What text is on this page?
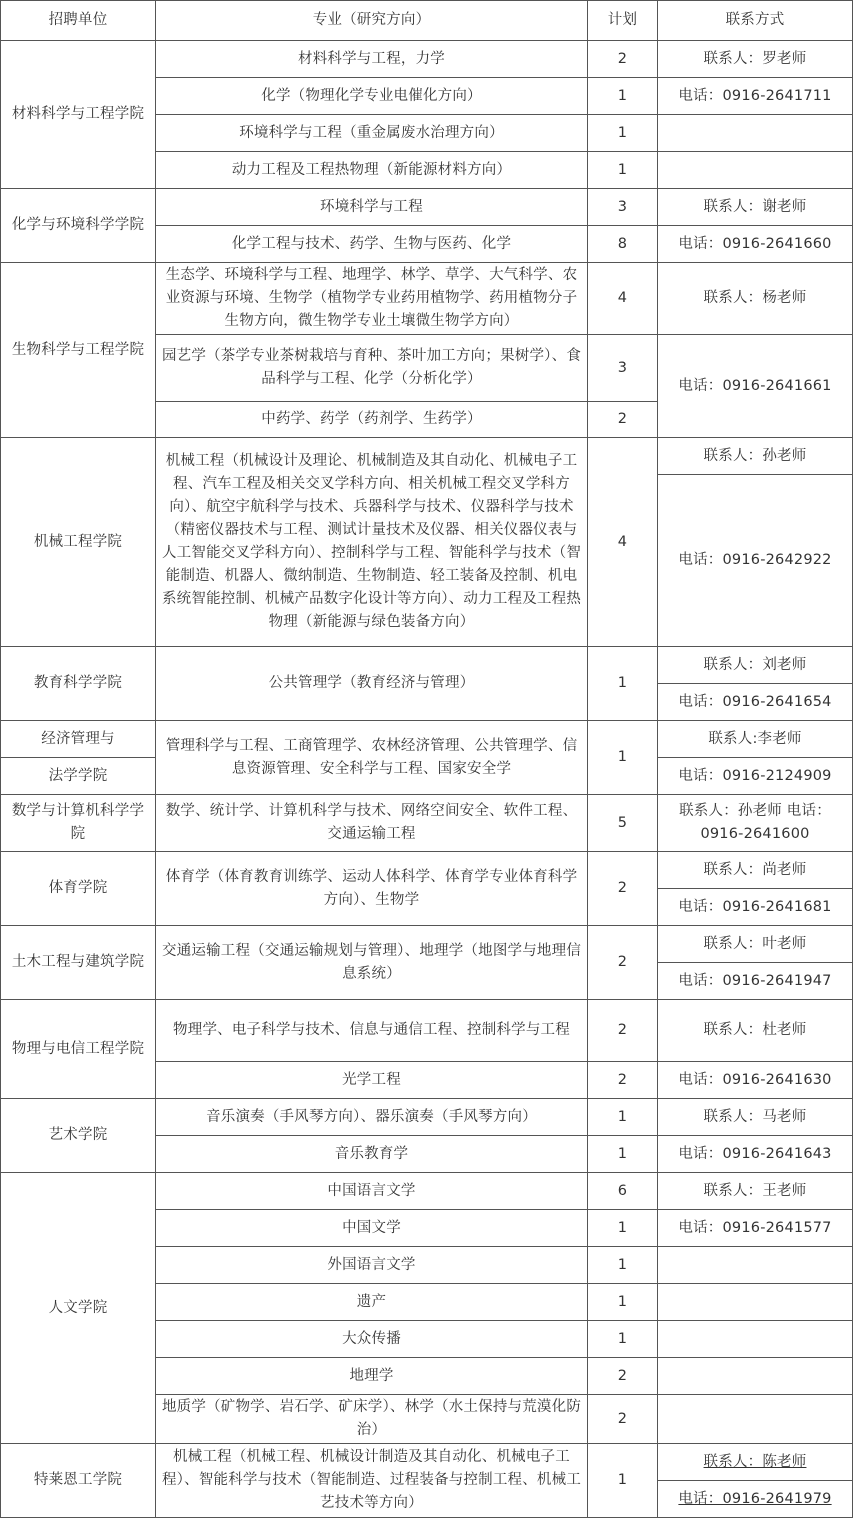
招聘单位	专业（研究方向）	计划	联系方式
材料科学与工程学院	材料科学与工程，力学	2	联系人：罗老师
	化学（物理化学专业电催化方向）	1	电话：0916-2641711
	环境科学与工程（重金属废水治理方向）	1	
	动力工程及工程热物理（新能源材料方向）	1	
化学与环境科学学院	环境科学与工程	3	联系人：谢老师
	化学工程与技术、药学、生物与医药、化学	8	电话：0916-2641660
生物科学与工程学院	生态学、环境科学与工程、地理学、林学、草学、大气科学、农业资源与环境、生物学（植物学专业药用植物学、药用植物分子生物方向，微生物学专业土壤微生物学方向）	4	联系人：杨老师
	园艺学（茶学专业茶树栽培与育种、茶叶加工方向；果树学）、食品科学与工程、化学（分析化学）	3	电话：0916-2641661
	中药学、药学（药剂学、生药学）	2	
机械工程学院	机械工程（机械设计及理论、机械制造及其自动化、机械电子工程、汽车工程及相关交叉学科方向、相关机械工程交叉学科方向）、航空宇航科学与技术、兵器科学与技术、仪器科学与技术（精密仪器技术与工程、测试计量技术及仪器、相关仪器仪表与人工智能交叉学科方向）、控制科学与工程、智能科学与技术（智能制造、机器人、微纳制造、生物制造、轻工装备及控制、机电系统智能控制、机械产品数字化设计等方向）、动力工程及工程热物理（新能源与绿色装备方向）	4	联系人：孙老师
			电话：0916-2642922
教育科学学院	公共管理学（教育经济与管理）	1	联系人：刘老师
			电话：0916-2641654
经济管理与	管理科学与工程、工商管理学、农林经济管理、公共管理学、信息资源管理、安全科学与工程、国家安全学	1	联系人:李老师
法学学院			电话：0916-2124909
数学与计算机科学学院	数学、统计学、计算机科学与技术、网络空间安全、软件工程、交通运输工程	5	联系人：孙老师 电话：0916-2641600
体育学院	体育学（体育教育训练学、运动人体科学、体育学专业体育科学方向）、生物学	2	联系人：尚老师
			电话：0916-2641681
土木工程与建筑学院	交通运输工程（交通运输规划与管理）、地理学（地图学与地理信息系统）	2	联系人：叶老师
			电话：0916-2641947
物理与电信工程学院	物理学、电子科学与技术、信息与通信工程、控制科学与工程	2	联系人：杜老师
	光学工程	2	电话：0916-2641630
艺术学院	音乐演奏（手风琴方向）、器乐演奏（手风琴方向）	1	联系人：马老师
	音乐教育学	1	电话：0916-2641643
人文学院	中国语言文学	6	联系人：王老师
	中国文学	1	电话：0916-2641577
	外国语言文学	1	
	遗产	1	
	大众传播	1	
	地理学	2	
	地质学（矿物学、岩石学、矿床学）、林学（水土保持与荒漠化防治）	2	
特莱恩工学院	机械工程（机械工程、机械设计制造及其自动化、机械电子工程）、智能科学与技术（智能制造、过程装备与控制工程、机械工艺技术等方向）	1	联系人：陈老师
			电话：0916-2641979
